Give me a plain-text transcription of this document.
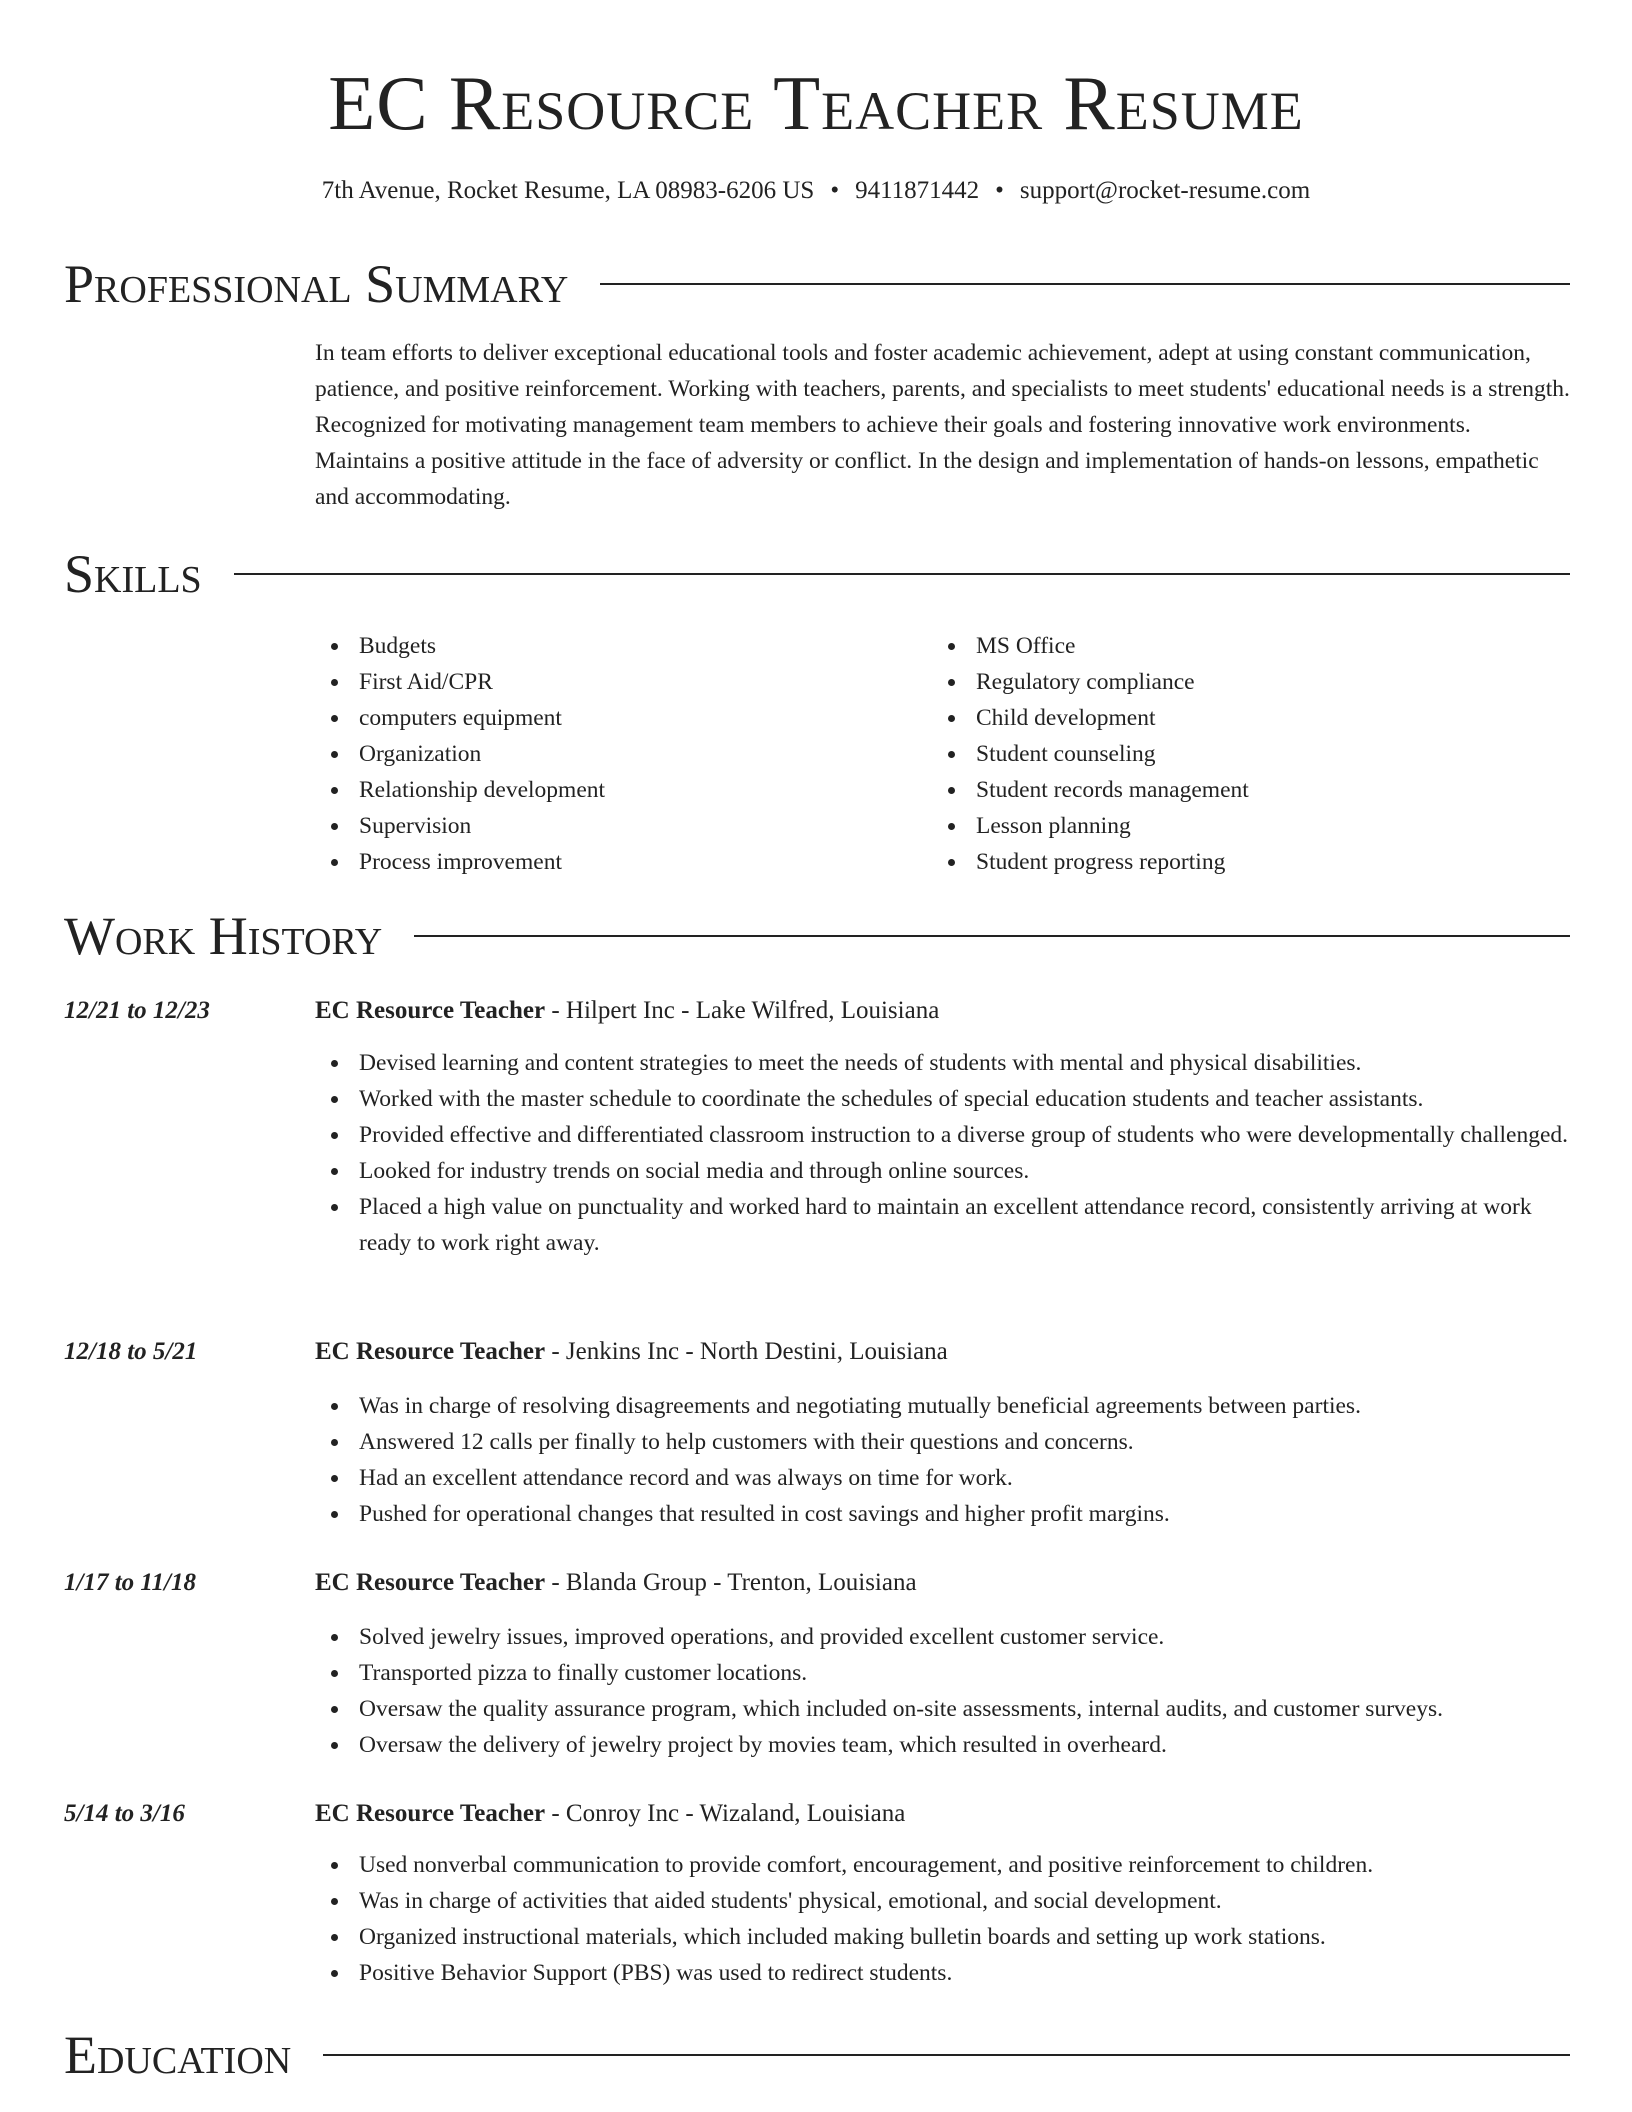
EC Resource Teacher Resume
7th Avenue, Rocket Resume, LA 08983-6206 US • 9411871442 • support@rocket-resume.com
Professional Summary
In team efforts to deliver exceptional educational tools and foster academic achievement, adept at using constant communication, patience, and positive reinforcement. Working with teachers, parents, and specialists to meet students' educational needs is a strength. Recognized for motivating management team members to achieve their goals and fostering innovative work environments. Maintains a positive attitude in the face of adversity or conflict. In the design and implementation of hands-on lessons, empathetic and accommodating.
Skills
Budgets
First Aid/CPR
computers equipment
Organization
Relationship development
Supervision
Process improvement
MS Office
Regulatory compliance
Child development
Student counseling
Student records management
Lesson planning
Student progress reporting
Work History
12/21 to 12/23	EC Resource Teacher - Hilpert Inc - Lake Wilfred, Louisiana
Devised learning and content strategies to meet the needs of students with mental and physical disabilities.
Worked with the master schedule to coordinate the schedules of special education students and teacher assistants.
Provided effective and differentiated classroom instruction to a diverse group of students who were developmentally challenged.
Looked for industry trends on social media and through online sources.
Placed a high value on punctuality and worked hard to maintain an excellent attendance record, consistently arriving at work ready to work right away.
12/18 to 5/21	EC Resource Teacher - Jenkins Inc - North Destini, Louisiana
Was in charge of resolving disagreements and negotiating mutually beneficial agreements between parties.
Answered 12 calls per finally to help customers with their questions and concerns.
Had an excellent attendance record and was always on time for work.
Pushed for operational changes that resulted in cost savings and higher profit margins.
1/17 to 11/18	EC Resource Teacher - Blanda Group - Trenton, Louisiana
Solved jewelry issues, improved operations, and provided excellent customer service.
Transported pizza to finally customer locations.
Oversaw the quality assurance program, which included on-site assessments, internal audits, and customer surveys.
Oversaw the delivery of jewelry project by movies team, which resulted in overheard.
5/14 to 3/16	EC Resource Teacher - Conroy Inc - Wizaland, Louisiana
Used nonverbal communication to provide comfort, encouragement, and positive reinforcement to children.
Was in charge of activities that aided students' physical, emotional, and social development.
Organized instructional materials, which included making bulletin boards and setting up work stations.
Positive Behavior Support (PBS) was used to redirect students.
Education
